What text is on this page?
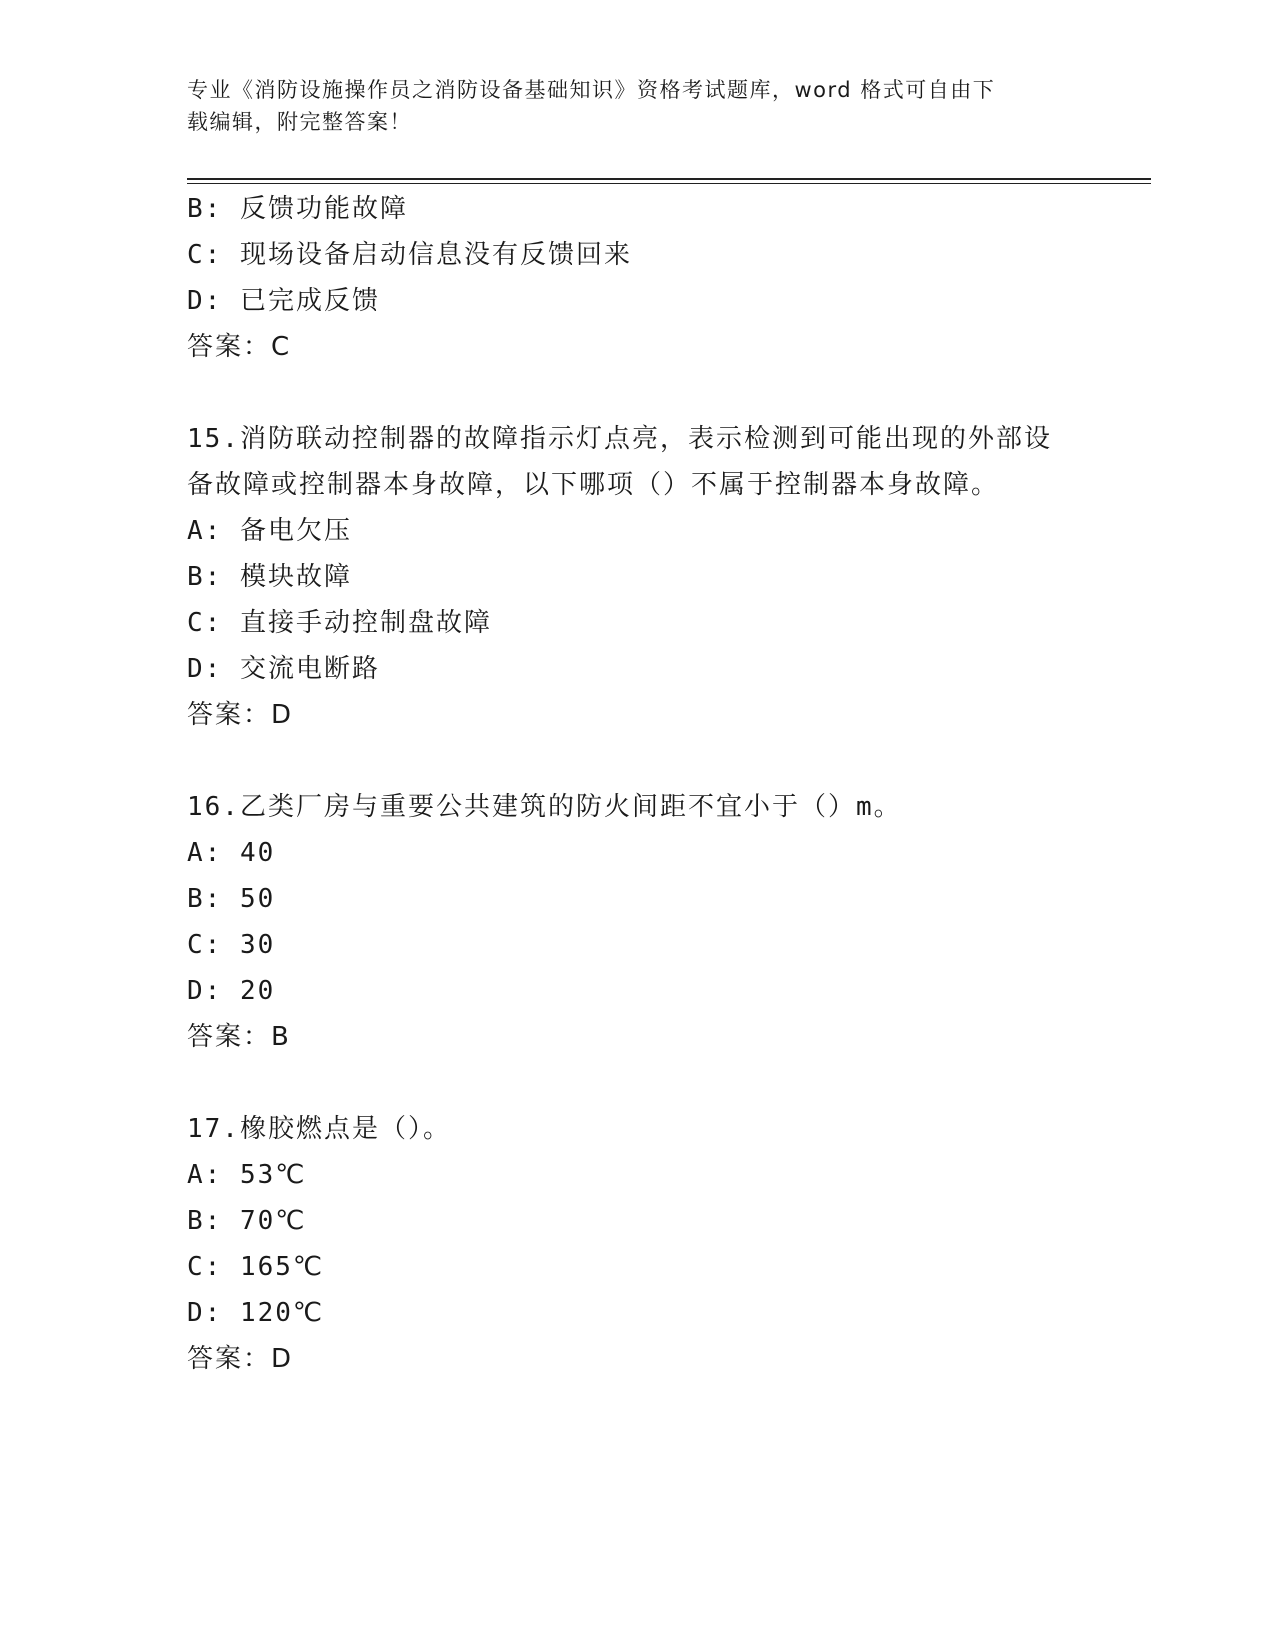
专业《消防设施操作员之消防设备基础知识》资格考试题库，word 格式可自由下
载编辑，附完整答案！
B: 反馈功能故障
C: 现场设备启动信息没有反馈回来
D: 已完成反馈
答案：C
15.消防联动控制器的故障指示灯点亮，表示检测到可能出现的外部设
备故障或控制器本身故障，以下哪项（）不属于控制器本身故障。
A: 备电欠压
B: 模块故障
C: 直接手动控制盘故障
D: 交流电断路
答案：D
16.乙类厂房与重要公共建筑的防火间距不宜小于（）m。
A: 40
B: 50
C: 30
D: 20
答案：B
17.橡胶燃点是（）。
A: 53℃
B: 70℃
C: 165℃
D: 120℃
答案：D
